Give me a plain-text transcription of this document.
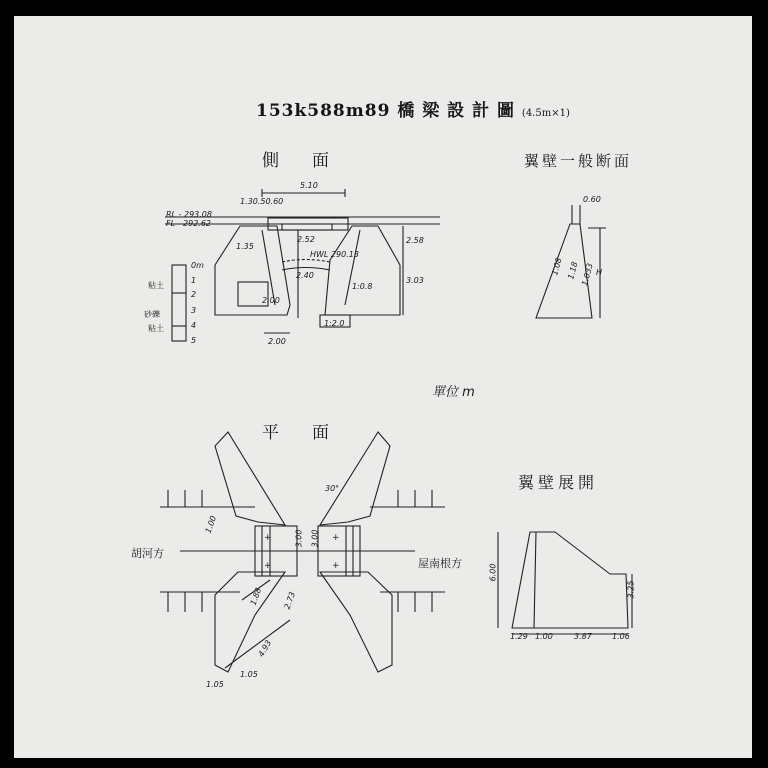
153k588m89 橋 梁 設 計 圖 (4.5m×1)
側　面	翼壁一般断面
平　面
翼壁展開
單位 m
5.10
1.30.50.60
RL - 293.08
FL - 292.62
1.35
2.52
2.40
2.58
3.03
HWL 290.13
2.00
1:0.8
1:2.0
2.00
0m
1
2
3
4
5
粘土
砂礫
粘土
0.60
H
1.08 1.18 1.033
30°
3.00 3.00
1.88 2.73
4.93
1.00
1.05
1.05
胡河方
屋南根方
6.00
3.25
1.29 1.00	3.87	1.06
+
+
+
+
